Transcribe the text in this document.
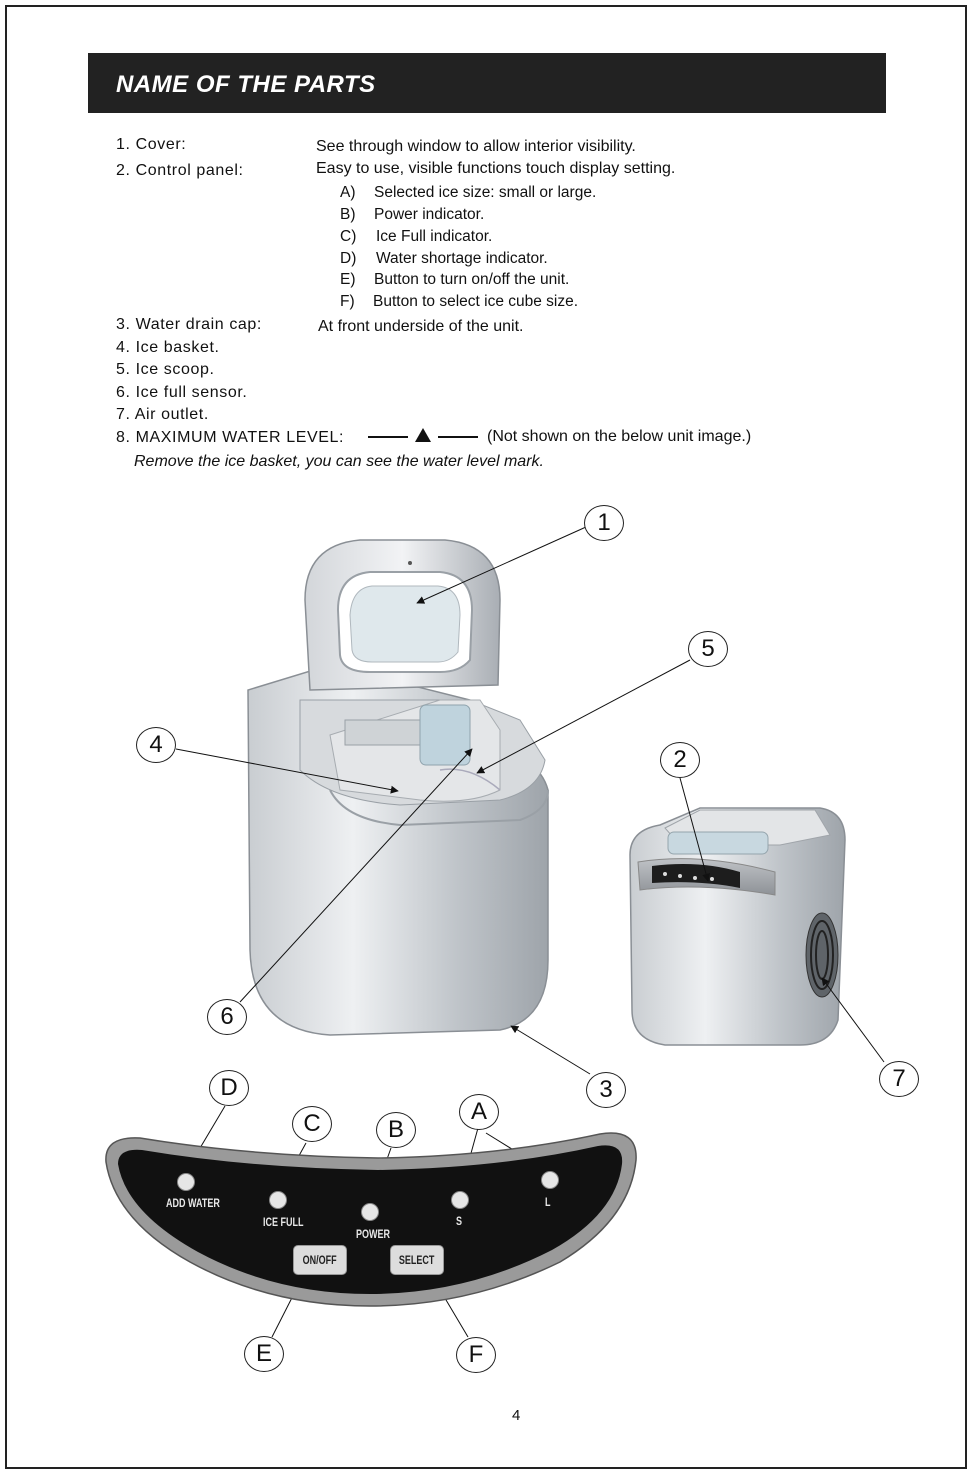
NAME OF THE PARTS
1. Cover:	See through window to allow interior visibility.
2. Control panel:	Easy to use, visible functions touch display setting.
A) Selected ice size: small or large.
B) Power indicator.
C) Ice Full indicator.
D) Water shortage indicator.
E) Button to turn on/off the unit.
F) Button to select ice cube size.
3. Water drain cap:	At front underside of the unit.
4. Ice basket.
5. Ice scoop.
6. Ice full sensor.
7. Air outlet.
8. MAXIMUM WATER LEVEL:	(Not shown on the below unit image.)
Remove the ice basket, you can see the water level mark.
ADD WATER
ICE FULL
POWER
S
L
ON/OFF	SELECT
1
5
4
2
6
7
3
D
A
C	B
E	F
4
